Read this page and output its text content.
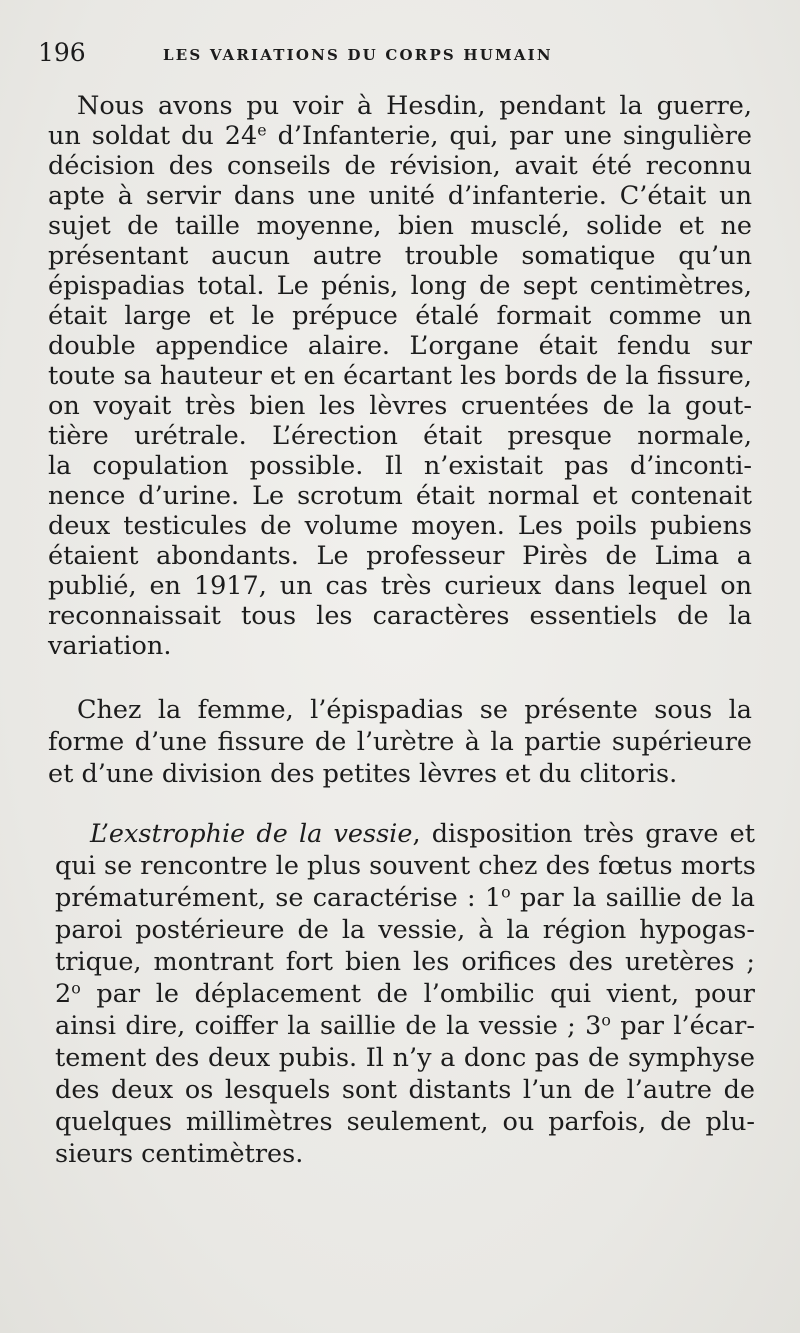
196	LES VARIATIONS DU CORPS HUMAIN
Nous avons pu voir à Hesdin, pendant la guerre,
un soldat du 24e d’Infanterie, qui, par une singulière
décision des conseils de révision, avait été reconnu
apte à servir dans une unité d’infanterie. C’était un
sujet de taille moyenne, bien musclé, solide et ne
présentant aucun autre trouble somatique qu’un
épispadias total. Le pénis, long de sept centimètres,
était large et le prépuce étalé formait comme un
double appendice alaire. L’organe était fendu sur
toute sa hauteur et en écartant les bords de la fissure,
on voyait très bien les lèvres cruentées de la gout-
tière urétrale. L’érection était presque normale,
la copulation possible. Il n’existait pas d’inconti-
nence d’urine. Le scrotum était normal et contenait
deux testicules de volume moyen. Les poils pubiens
étaient abondants. Le professeur Pirès de Lima a
publié, en 1917, un cas très curieux dans lequel on
reconnaissait tous les caractères essentiels de la
variation.
Chez la femme, l’épispadias se présente sous la
forme d’une fissure de l’urètre à la partie supérieure
et d’une division des petites lèvres et du clitoris.
L’exstrophie de la vessie, disposition très grave et
qui se rencontre le plus souvent chez des fœtus morts
prématurément, se caractérise : 1$^o$ par la saillie de la
paroi postérieure de la vessie, à la région hypogas-
trique, montrant fort bien les orifices des uretères ;
2$^o$ par le déplacement de l’ombilic qui vient, pour
ainsi dire, coiffer la saillie de la vessie ; 3$^o$ par l’écar-
tement des deux pubis. Il n’y a donc pas de symphyse
des deux os lesquels sont distants l’un de l’autre de
quelques millimètres seulement, ou parfois, de plu-
sieurs centimètres.
